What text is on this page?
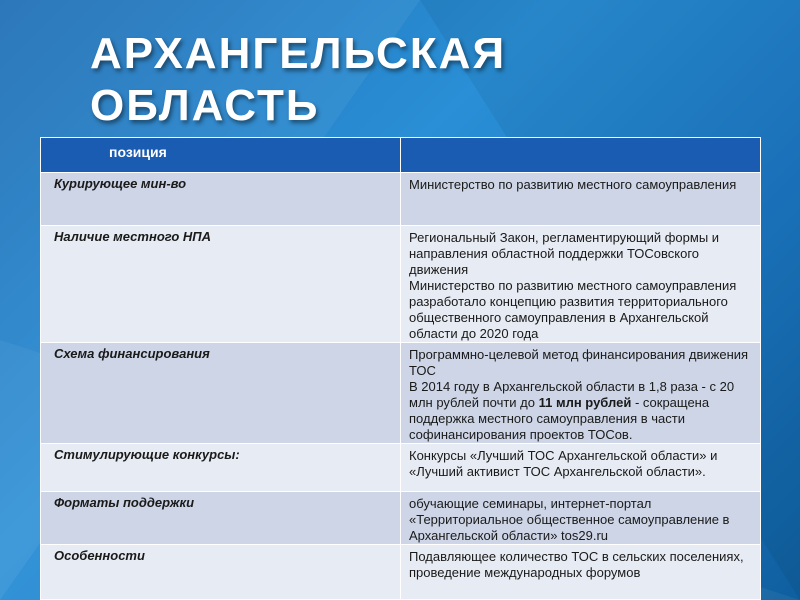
АРХАНГЕЛЬСКАЯ
ОБЛАСТЬ
позиция	

Курирующее мин-во	Министерство по развитию местного самоуправления

Наличие местного НПА	Региональный Закон, регламентирующий формы и направления областной поддержки ТОСовского движения

Министерство по развитию местного самоуправления разработало концепцию развития территориального общественного самоуправления в Архангельской области до 2020 года

Схема финансирования	Программно-целевой метод финансирования движения ТОС

В 2014 году в Архангельской области в 1,8 раза - с 20 млн рублей почти до 11 млн рублей - сокращена поддержка местного самоуправления в части софинансирования проектов ТОСов.

Стимулирующие конкурсы:	Конкурсы «Лучший ТОС Архангельской области» и «Лучший активист ТОС Архангельской области».

Форматы поддержки	обучающие семинары, интернет-портал «Территориальное общественное самоуправление в Архангельской области» tos29.ru

Особенности	Подавляющее количество ТОС в сельских поселениях, проведение международных форумов
